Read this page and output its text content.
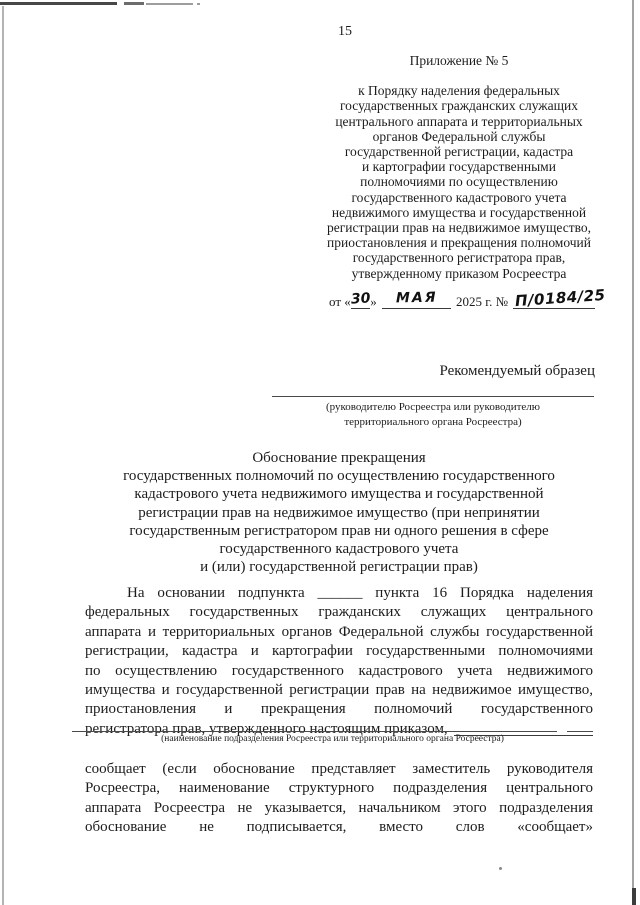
15
Приложение № 5
к Порядку наделения федеральных
государственных гражданских служащих
центрального аппарата и территориальных
органов Федеральной службы
государственной регистрации, кадастра
и картографии государственными
полномочиями по осуществлению
государственного кадастрового учета
недвижимого имущества и государственной
регистрации прав на недвижимое имущество,
приостановления и прекращения полномочий
государственного регистратора прав,
утвержденному приказом Росреестра
от « 30 »	МАЯ	2025 г. № П/0184/25
Рекомендуемый образец
(руководителю Росреестра или руководителю
территориального органа Росреестра)
Обоснование прекращения
государственных полномочий по осуществлению государственного
кадастрового учета недвижимого имущества и государственной
регистрации прав на недвижимое имущество (при непринятии
государственным регистратором прав ни одного решения в сфере
государственного кадастрового учета
и (или) государственной регистрации прав)
На основании подпункта ______ пункта 16 Порядка наделения
федеральных государственных гражданских служащих центрального
аппарата и территориальных органов Федеральной службы государственной
регистрации, кадастра и картографии государственными полномочиями
по осуществлению государственного кадастрового учета недвижимого
имущества и государственной регистрации прав на недвижимое имущество,
приостановления и прекращения полномочий государственного
регистратора прав, утвержденного настоящим приказом,
(наименование подразделения Росреестра или территориального органа Росреестра)
сообщает (если обоснование представляет заместитель руководителя
Росреестра, наименование структурного подразделения центрального
аппарата Росреестра не указывается, начальником этого подразделения
обоснование не подписывается, вместо слов «сообщает»
